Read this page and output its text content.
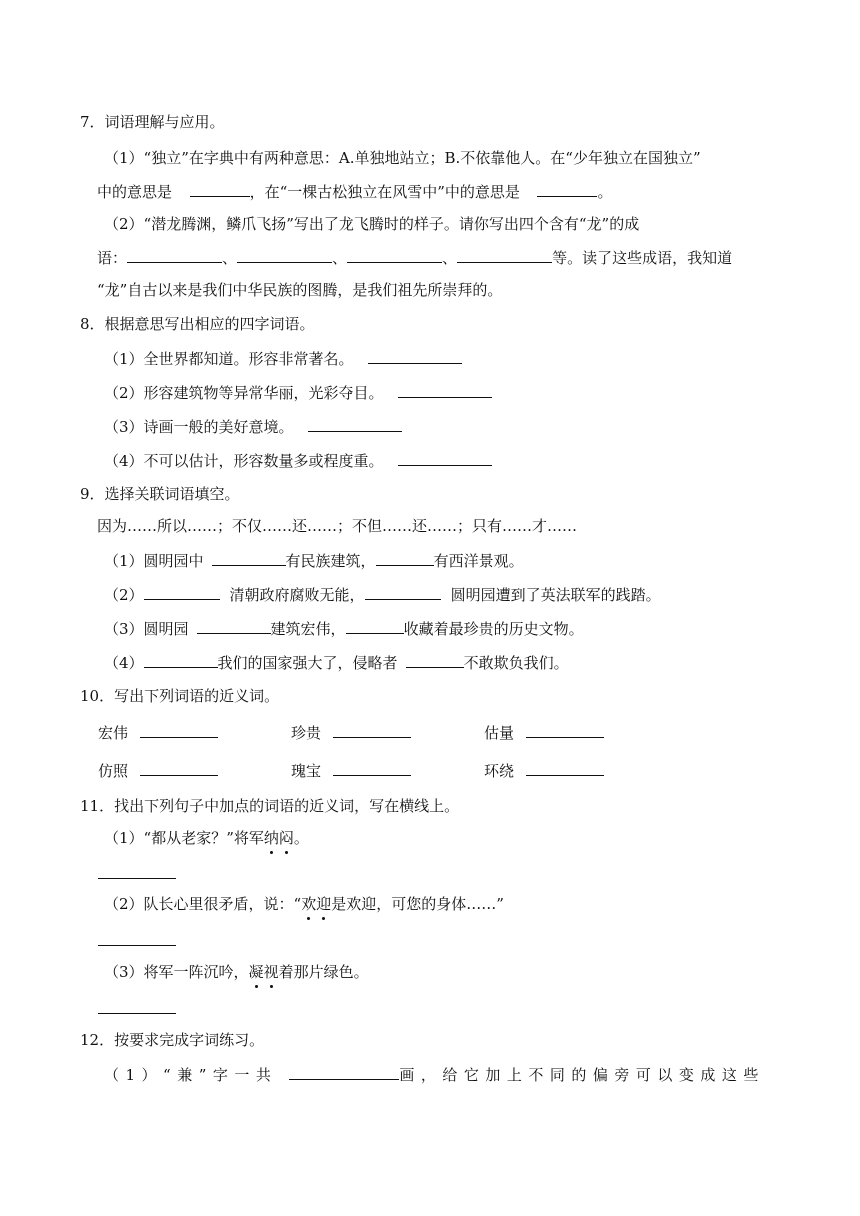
7．词语理解与应用。
（1）“独立”在字典中有两种意思：A.单独地站立；B.不依靠他人。在“少年独立在国独立”
中的意思是	，在“一棵古松独立在风雪中”中的意思是	。
（2）“潜龙腾渊，鳞爪飞扬”写出了龙飞腾时的样子。请你写出四个含有“龙”的成
语：	、	、	、	等。读了这些成语，我知道
“龙”自古以来是我们中华民族的图腾，是我们祖先所崇拜的。
8．根据意思写出相应的四字词语。
（1）全世界都知道。形容非常著名。
（2）形容建筑物等异常华丽，光彩夺目。
（3）诗画一般的美好意境。
（4）不可以估计，形容数量多或程度重。
9．选择关联词语填空。
因为……所以……；不仅……还……；不但……还……；只有……才……
（1）圆明园中	有民族建筑，	有西洋景观。
（2）	清朝政府腐败无能，	圆明园遭到了英法联军的践踏。
（3）圆明园	建筑宏伟，	收藏着最珍贵的历史文物。
（4）	我们的国家强大了，侵略者	不敢欺负我们。
10．写出下列词语的近义词。
宏伟	珍贵	估量
仿照	瑰宝	环绕
11．找出下列句子中加点的词语的近义词，写在横线上。
（1）“都从老家？”将军纳闷。
（2）队长心里很矛盾，说：“欢迎是欢迎，可您的身体……”
（3）将军一阵沉吟，凝视着那片绿色。
12．按要求完成字词练习。
（1）“兼”字一共	画，给它加上不同的偏旁可以变成这些
